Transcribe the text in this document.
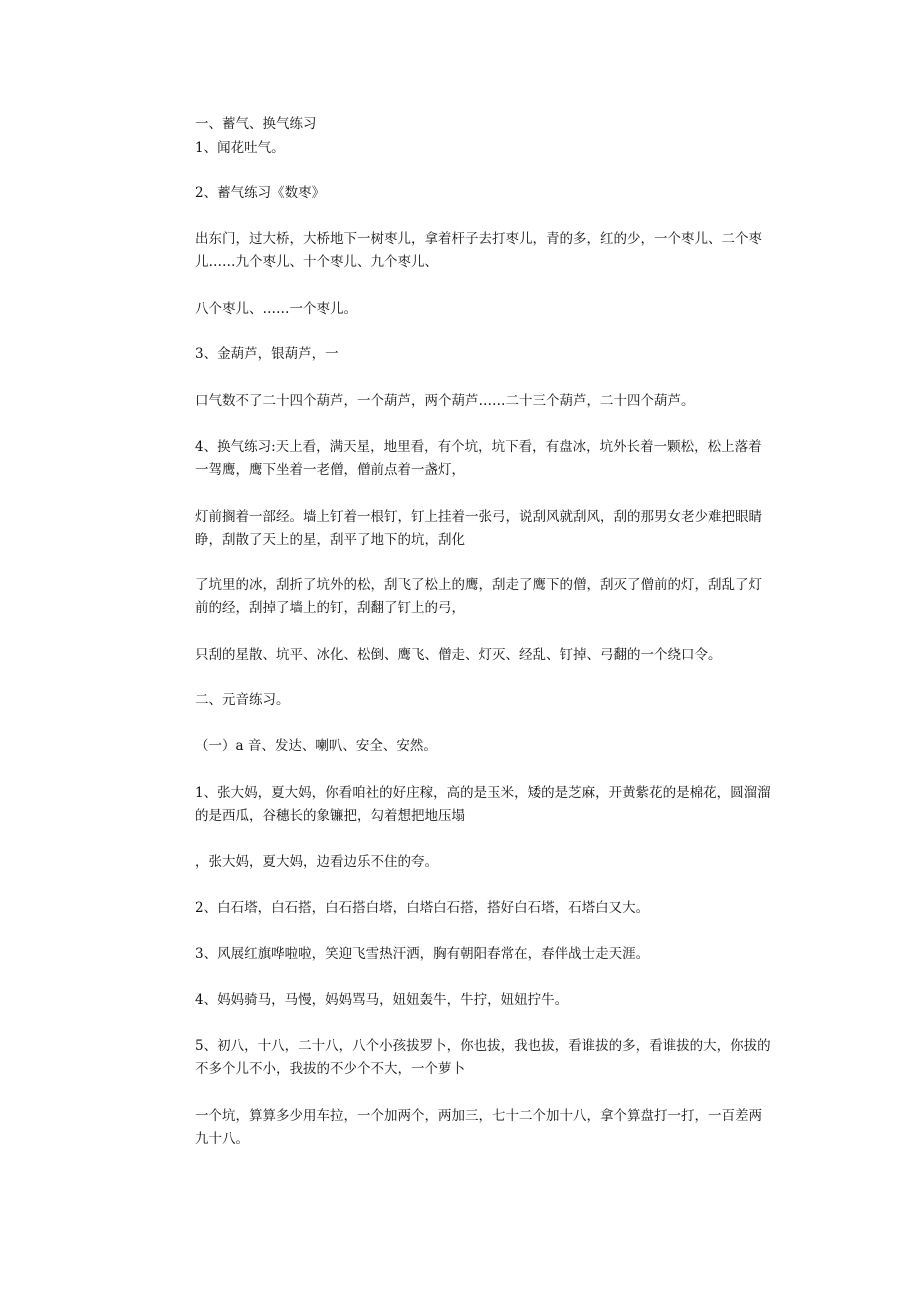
一、蓄气、换气练习
1、闻花吐气。
2、蓄气练习《数枣》
出东门，过大桥，大桥地下一树枣儿，拿着杆子去打枣儿，青的多，红的少，一个枣儿、二个枣
儿……九个枣儿、十个枣儿、九个枣儿、
八个枣儿、……一个枣儿。
3、金葫芦，银葫芦，一
口气数不了二十四个葫芦，一个葫芦，两个葫芦……二十三个葫芦，二十四个葫芦。
4、换气练习:天上看，满天星，地里看，有个坑，坑下看，有盘冰，坑外长着一颗松，松上落着
一驾鹰，鹰下坐着一老僧，僧前点着一盏灯，
灯前搁着一部经。墙上钉着一根钉，钉上挂着一张弓，说刮风就刮风，刮的那男女老少难把眼睛
睁，刮散了天上的星，刮平了地下的坑，刮化
了坑里的冰，刮折了坑外的松，刮飞了松上的鹰，刮走了鹰下的僧，刮灭了僧前的灯，刮乱了灯
前的经，刮掉了墙上的钉，刮翻了钉上的弓，
只刮的星散、坑平、冰化、松倒、鹰飞、僧走、灯灭、经乱、钉掉、弓翻的一个绕口令。
二、元音练习。
（一）a 音、发达、喇叭、安全、安然。
1、张大妈，夏大妈，你看咱社的好庄稼，高的是玉米，矮的是芝麻，开黄紫花的是棉花，圆溜溜
的是西瓜，谷穗长的象镰把，勾着想把地压塌
，张大妈，夏大妈，边看边乐不住的夸。
2、白石塔，白石搭，白石搭白塔，白塔白石搭，搭好白石塔，石塔白又大。
3、风展红旗哗啦啦，笑迎飞雪热汗洒，胸有朝阳春常在，春伴战士走天涯。
4、妈妈骑马，马慢，妈妈骂马，妞妞轰牛，牛拧，妞妞拧牛。
5、初八，十八，二十八，八个小孩拔罗卜，你也拔，我也拔，看谁拔的多，看谁拔的大，你拔的
不多个儿不小，我拔的不少个不大，一个萝卜
一个坑，算算多少用车拉，一个加两个，两加三，七十二个加十八，拿个算盘打一打，一百差两
九十八。
